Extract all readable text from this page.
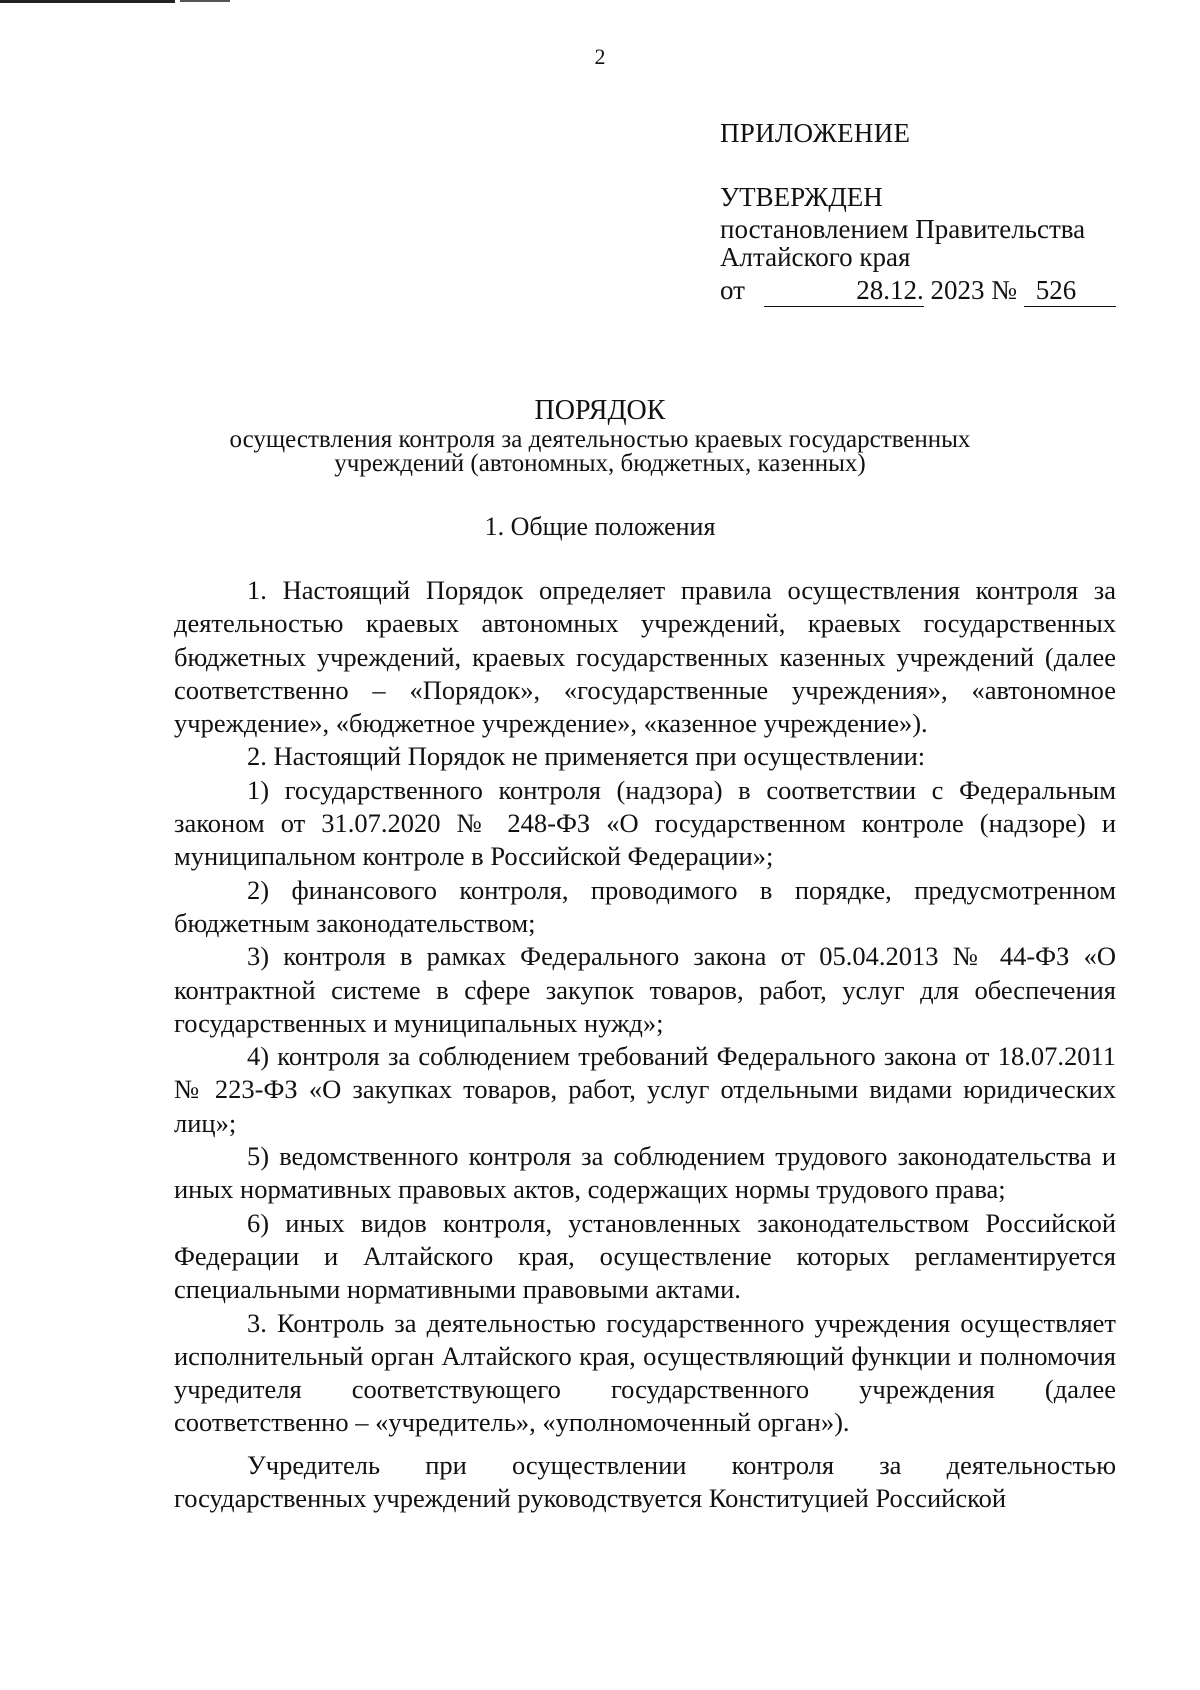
2
ПРИЛОЖЕНИЕ
УТВЕРЖДЕН
постановлением Правительства
Алтайского края
от	28.12. 2023 № 526
ПОРЯДОК
осуществления контроля за деятельностью краевых государственных
учреждений (автономных, бюджетных, казенных)
1. Общие положения

1. Настоящий Порядок определяет правила осуществления контроля за деятельностью краевых автономных учреждений, краевых государственных бюджетных учреждений, краевых государственных казенных учреждений (далее соответственно – «Порядок», «государственные учреждения», «автономное учреждение», «бюджетное учреждение», «казенное учреждение»).

2. Настоящий Порядок не применяется при осуществлении:

1) государственного контроля (надзора) в соответствии с Федеральным законом от 31.07.2020 № 248-ФЗ «О государственном контроле (надзоре) и муниципальном контроле в Российской Федерации»;

2) финансового контроля, проводимого в порядке, предусмотренном бюджетным законодательством;

3) контроля в рамках Федерального закона от 05.04.2013 № 44-ФЗ «О контрактной системе в сфере закупок товаров, работ, услуг для обеспечения государственных и муниципальных нужд»;

4) контроля за соблюдением требований Федерального закона от 18.07.2011 № 223-ФЗ «О закупках товаров, работ, услуг отдельными видами юридических лиц»;

5) ведомственного контроля за соблюдением трудового законодательства и иных нормативных правовых актов, содержащих нормы трудового права;

6) иных видов контроля, установленных законодательством Российской Федерации и Алтайского края, осуществление которых регламентируется специальными нормативными правовыми актами.

3. Контроль за деятельностью государственного учреждения осуществляет исполнительный орган Алтайского края, осуществляющий функции и полномочия учредителя соответствующего государственного учреждения (далее соответственно – «учредитель», «уполномоченный орган»).

Учредитель при осуществлении контроля за деятельностью государственных учреждений руководствуется Конституцией Российской
